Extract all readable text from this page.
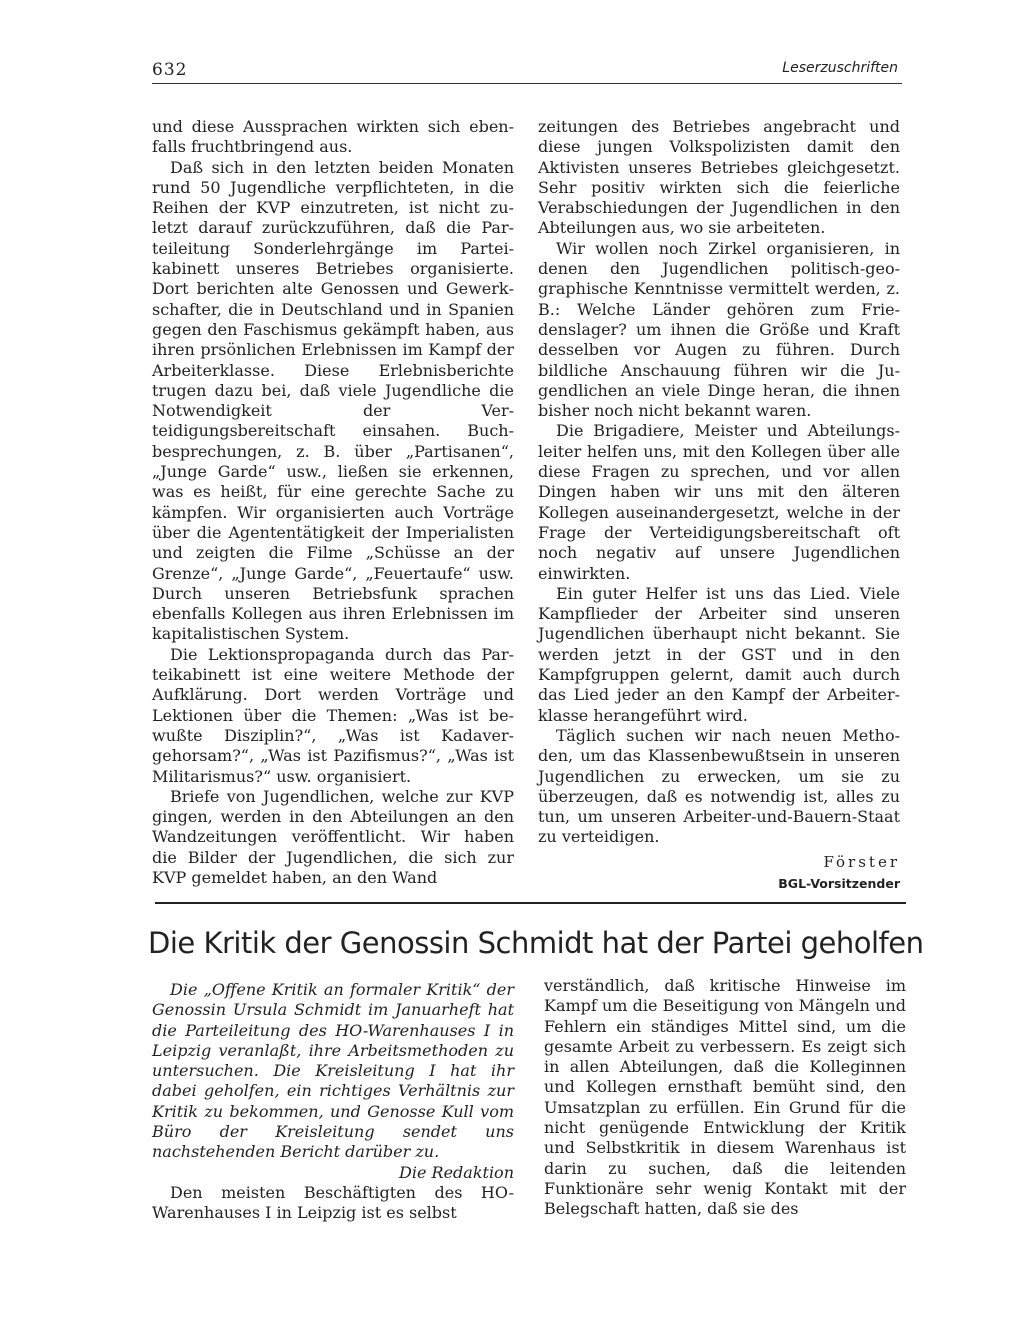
632	Leserzuschriften

und diese Aussprachen wirkten sich ebenfalls fruchtbringend aus.

Daß sich in den letzten beiden Monaten rund 50 Jugendliche verpflichteten, in die Reihen der KVP einzutreten, ist nicht zuletzt darauf zurückzuführen, daß die Parteileitung Sonderlehrgänge im Parteikabinett unseres Betriebes organisierte. Dort berichten alte Genossen und Gewerkschafter, die in Deutschland und in Spanien gegen den Faschismus gekämpft haben, aus ihren prsönlichen Erlebnissen im Kampf der Arbeiterklasse. Diese Erlebnisberichte trugen dazu bei, daß viele Jugendliche die Notwendigkeit der Verteidigungsbereitschaft einsahen. Buchbesprechungen, z. B. über „Partisanen“, „Junge Garde“ usw., ließen sie erkennen, was es heißt, für eine gerechte Sache zu kämpfen. Wir organisierten auch Vorträge über die Agententätigkeit der Imperialisten und zeigten die Filme „Schüsse an der Grenze“, „Junge Garde“, „Feuertaufe“ usw. Durch unseren Betriebsfunk sprachen ebenfalls Kollegen aus ihren Erlebnissen im kapitalistischen System.

Die Lektionspropaganda durch das Parteikabinett ist eine weitere Methode der Aufklärung. Dort werden Vorträge und Lektionen über die Themen: „Was ist bewußte Disziplin?“, „Was ist Kadavergehorsam?“, „Was ist Pazifismus?“, „Was ist Militarismus?“ usw. organisiert.

Briefe von Jugendlichen, welche zur KVP gingen, werden in den Abteilungen an den Wandzeitungen veröffentlicht. Wir haben die Bilder der Jugendlichen, die sich zur KVP gemeldet haben, an den Wand

zeitungen des Betriebes angebracht und diese jungen Volkspolizisten damit den Aktivisten unseres Betriebes gleichgesetzt. Sehr positiv wirkten sich die feierliche Verabschiedungen der Jugendlichen in den Abteilungen aus, wo sie arbeiteten.

Wir wollen noch Zirkel organisieren, in denen den Jugendlichen politisch-geographische Kenntnisse vermittelt werden, z. B.: Welche Länder gehören zum Friedenslager? um ihnen die Größe und Kraft desselben vor Augen zu führen. Durch bildliche Anschauung führen wir die Jugendlichen an viele Dinge heran, die ihnen bisher noch nicht bekannt waren.

Die Brigadiere, Meister und Abteilungsleiter helfen uns, mit den Kollegen über alle diese Fragen zu sprechen, und vor allen Dingen haben wir uns mit den älteren Kollegen auseinandergesetzt, welche in der Frage der Verteidigungsbereitschaft oft noch negativ auf unsere Jugendlichen einwirkten.

Ein guter Helfer ist uns das Lied. Viele Kampflieder der Arbeiter sind unseren Jugendlichen überhaupt nicht bekannt. Sie werden jetzt in der GST und in den Kampfgruppen gelernt, damit auch durch das Lied jeder an den Kampf der Arbeiterklasse herangeführt wird.

Täglich suchen wir nach neuen Methoden, um das Klassenbewußtsein in unseren Jugendlichen zu erwecken, um sie zu überzeugen, daß es notwendig ist, alles zu tun, um unseren Arbeiter-und-Bauern-Staat zu verteidigen.

Förster
BGL-Vorsitzender
Die Kritik der Genossin Schmidt hat der Partei geholfen

Die „Offene Kritik an formaler Kritik“ der Genossin Ursula Schmidt im Januarheft hat die Parteileitung des HO-Warenhauses I in Leipzig veranlaßt, ihre Arbeitsmethoden zu untersuchen. Die Kreisleitung I hat ihr dabei geholfen, ein richtiges Verhältnis zur Kritik zu bekommen, und Genosse Kull vom Büro der Kreisleitung sendet uns nachstehenden Bericht darüber zu.
Die Redaktion

Den meisten Beschäftigten des HO-Warenhauses I in Leipzig ist es selbst

verständlich, daß kritische Hinweise im Kampf um die Beseitigung von Mängeln und Fehlern ein ständiges Mittel sind, um die gesamte Arbeit zu verbessern. Es zeigt sich in allen Abteilungen, daß die Kolleginnen und Kollegen ernsthaft bemüht sind, den Umsatzplan zu erfüllen. Ein Grund für die nicht genügende Entwicklung der Kritik und Selbstkritik in diesem Warenhaus ist darin zu suchen, daß die leitenden Funktionäre sehr wenig Kontakt mit der Belegschaft hatten, daß sie des
